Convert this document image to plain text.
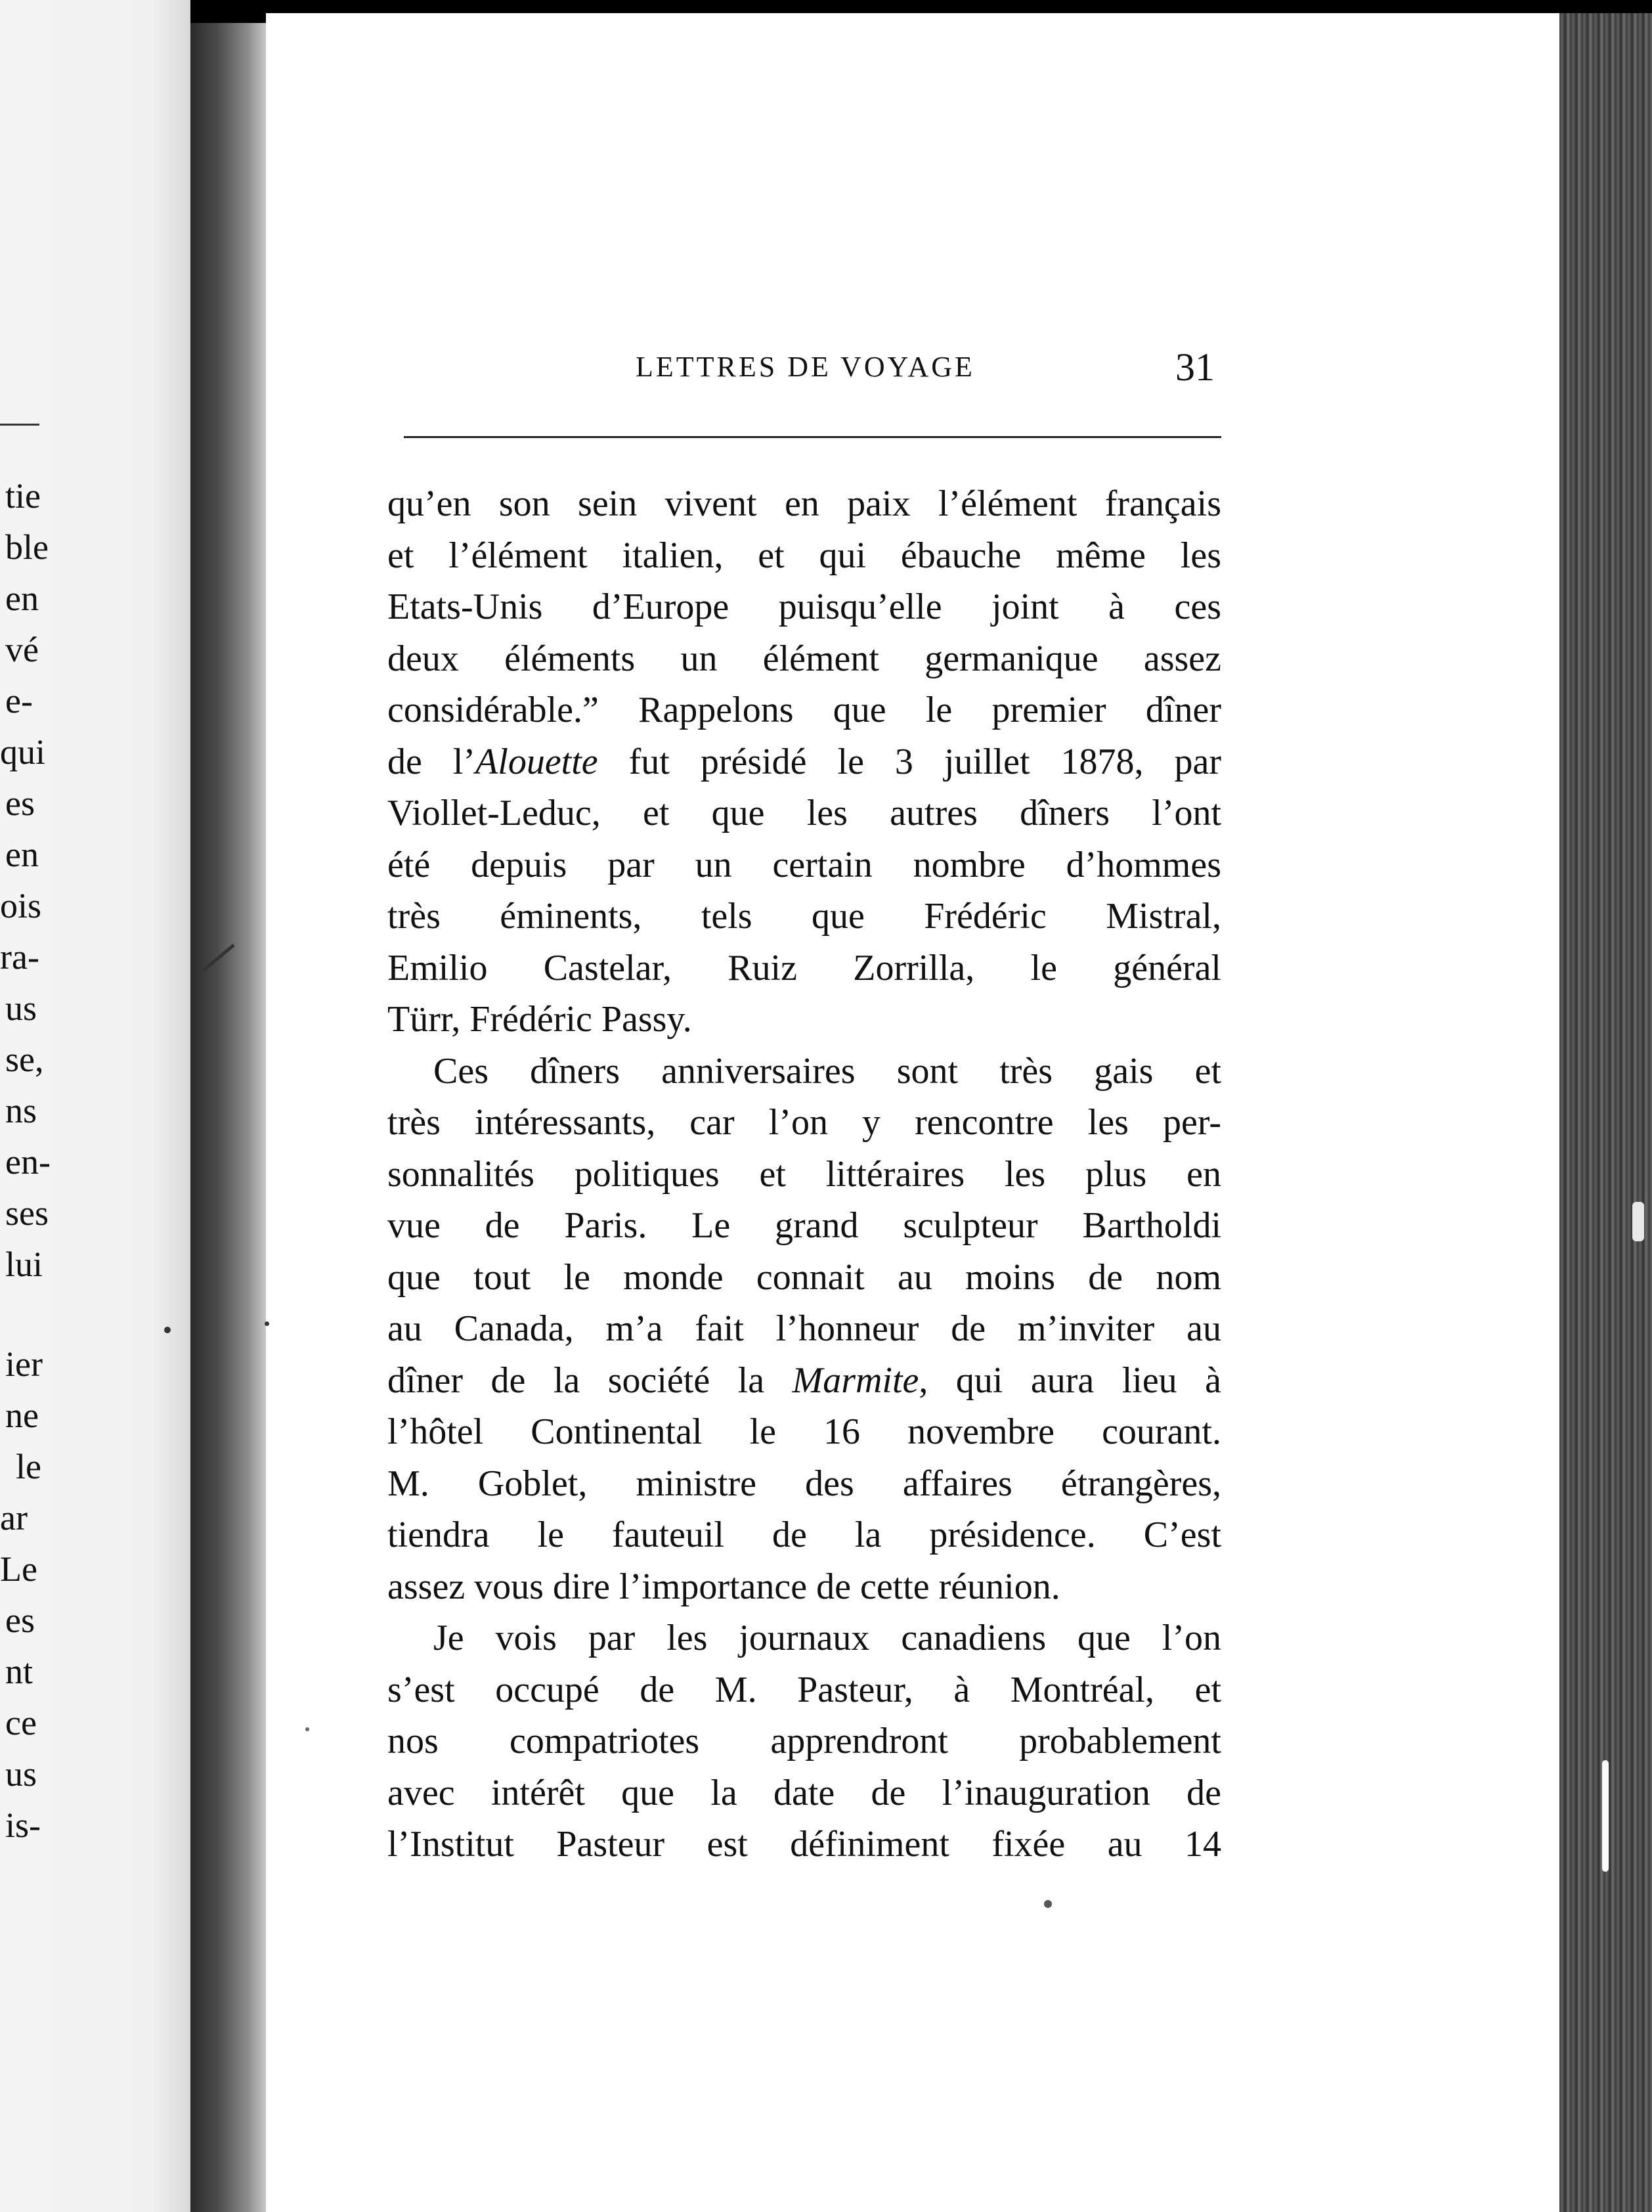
tie
ble
en
vé
e-
qui
es
en
ois
ra-
us
se,
ns
en-
ses
lui
ier
ne
le
ar
Le
es
nt
ce
us
is-
LETTRES DE VOYAGE	31
qu’en son sein vivent en paix l’élément français
et l’élément italien, et qui ébauche même les
Etats-Unis d’Europe puisqu’elle joint à ces
deux éléments un élément germanique assez
considérable.” Rappelons que le premier dîner
de l’Alouette fut présidé le 3 juillet 1878, par
Viollet-Leduc, et que les autres dîners l’ont
été depuis par un certain nombre d’hommes
très éminents, tels que Frédéric Mistral,
Emilio Castelar, Ruiz Zorrilla, le général
Türr, Frédéric Passy.
Ces dîners anniversaires sont très gais et
très intéressants, car l’on y rencontre les per-
sonnalités politiques et littéraires les plus en
vue de Paris. Le grand sculpteur Bartholdi
que tout le monde connait au moins de nom
au Canada, m’a fait l’honneur de m’inviter au
dîner de la société la Marmite, qui aura lieu à
l’hôtel Continental le 16 novembre courant.
M. Goblet, ministre des affaires étrangères,
tiendra le fauteuil de la présidence. C’est
assez vous dire l’importance de cette réunion.
Je vois par les journaux canadiens que l’on
s’est occupé de M. Pasteur, à Montréal, et
nos compatriotes apprendront probablement
avec intérêt que la date de l’inauguration de
l’Institut Pasteur est définiment fixée au 14
